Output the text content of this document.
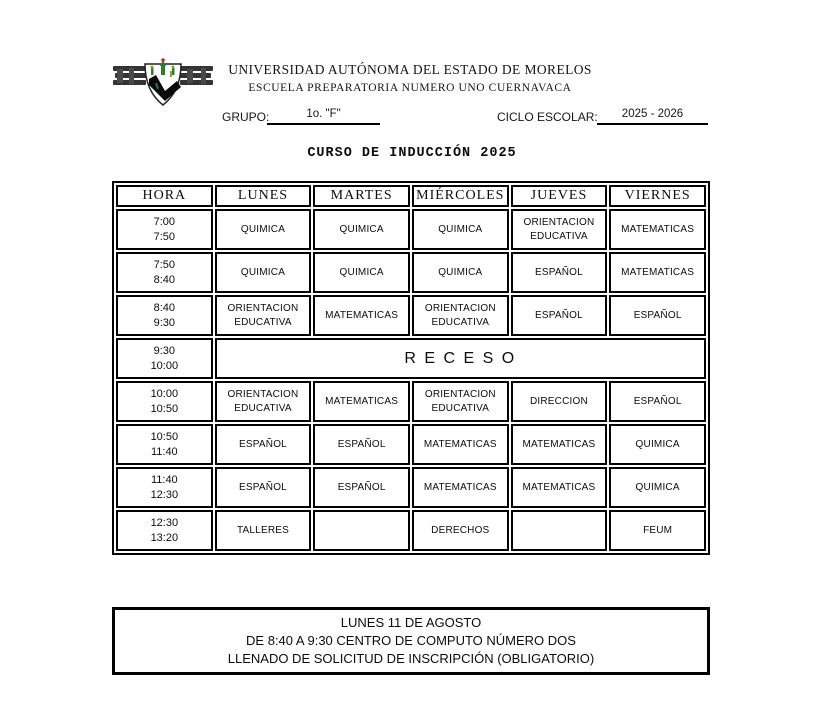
UNIVERSIDAD AUTÓNOMA DEL ESTADO DE MORELOS
ESCUELA PREPARATORIA NUMERO UNO CUERNAVACA
GRUPO:	1o. "F"	CICLO ESCOLAR:	2025 - 2026
CURSO DE INDUCCIÓN 2025
HORA	LUNES	MARTES	MIÉRCOLES	JUEVES	VIERNES

7:00
7:50	QUIMICA	QUIMICA	QUIMICA	ORIENTACION EDUCATIVA	MATEMATICAS

7:50
8:40	QUIMICA	QUIMICA	QUIMICA	ESPAÑOL	MATEMATICAS

8:40
9:30	ORIENTACION EDUCATIVA	MATEMATICAS	ORIENTACION EDUCATIVA	ESPAÑOL	ESPAÑOL

9:30
10:00	R E C E S O				

10:00
10:50	ORIENTACION EDUCATIVA	MATEMATICAS	ORIENTACION EDUCATIVA	DIRECCION	ESPAÑOL

10:50
11:40	ESPAÑOL	ESPAÑOL	MATEMATICAS	MATEMATICAS	QUIMICA

11:40
12:30	ESPAÑOL	ESPAÑOL	MATEMATICAS	MATEMATICAS	QUIMICA

12:30
13:20	TALLERES		DERECHOS		FEUM
LUNES 11 DE AGOSTO
DE 8:40 A 9:30 CENTRO DE COMPUTO NÚMERO DOS
LLENADO DE SOLICITUD DE INSCRIPCIÓN (OBLIGATORIO)
